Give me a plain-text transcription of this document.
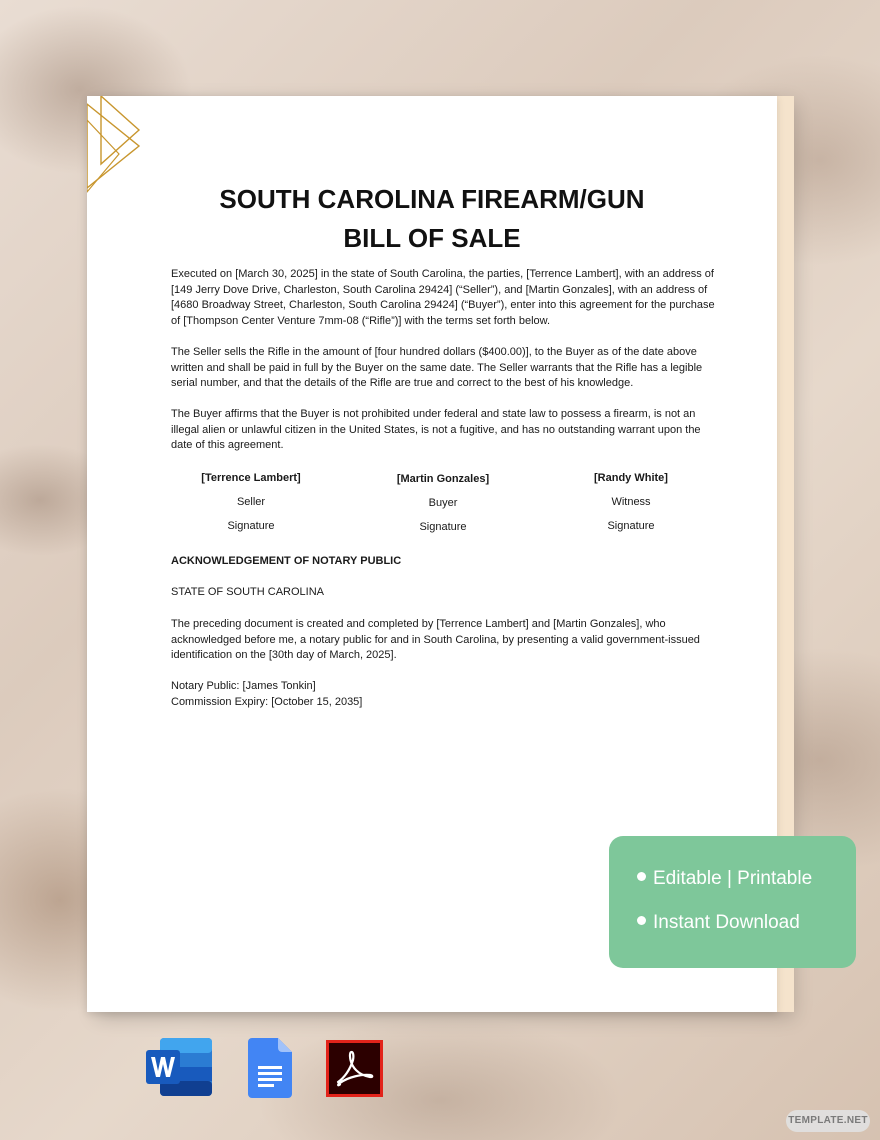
SOUTH CAROLINA FIREARM/GUN
BILL OF SALE
Executed on [March 30, 2025] in the state of South Carolina, the parties, [Terrence Lambert], with an address of [149 Jerry Dove Drive, Charleston, South Carolina 29424] (“Seller”), and [Martin Gonzales], with an address of [4680 Broadway Street, Charleston, South Carolina 29424] (“Buyer”), enter into this agreement for the purchase of [Thompson Center Venture 7mm-08 (“Rifle”)] with the terms set forth below.
The Seller sells the Rifle in the amount of [four hundred dollars ($400.00)], to the Buyer as of the date above written and shall be paid in full by the Buyer on the same date. The Seller warrants that the Rifle has a legible serial number, and that the details of the Rifle are true and correct to the best of his knowledge.
The Buyer affirms that the Buyer is not prohibited under federal and state law to possess a firearm, is not an illegal alien or unlawful citizen in the United States, is not a fugitive, and has no outstanding warrant upon the date of this agreement.
[Terrence Lambert]
Seller
Signature
[Martin Gonzales]
Buyer
Signature
[Randy White]
Witness
Signature
ACKNOWLEDGEMENT OF NOTARY PUBLIC
STATE OF SOUTH CAROLINA
The preceding document is created and completed by [Terrence Lambert] and [Martin Gonzales], who acknowledged before me, a notary public for and in South Carolina, by presenting a valid government-issued identification on the [30th day of March, 2025].
Notary Public: [James Tonkin]
Commission Expiry: [October 15, 2035]
Editable | Printable
Instant Download
TEMPLATE.NET
